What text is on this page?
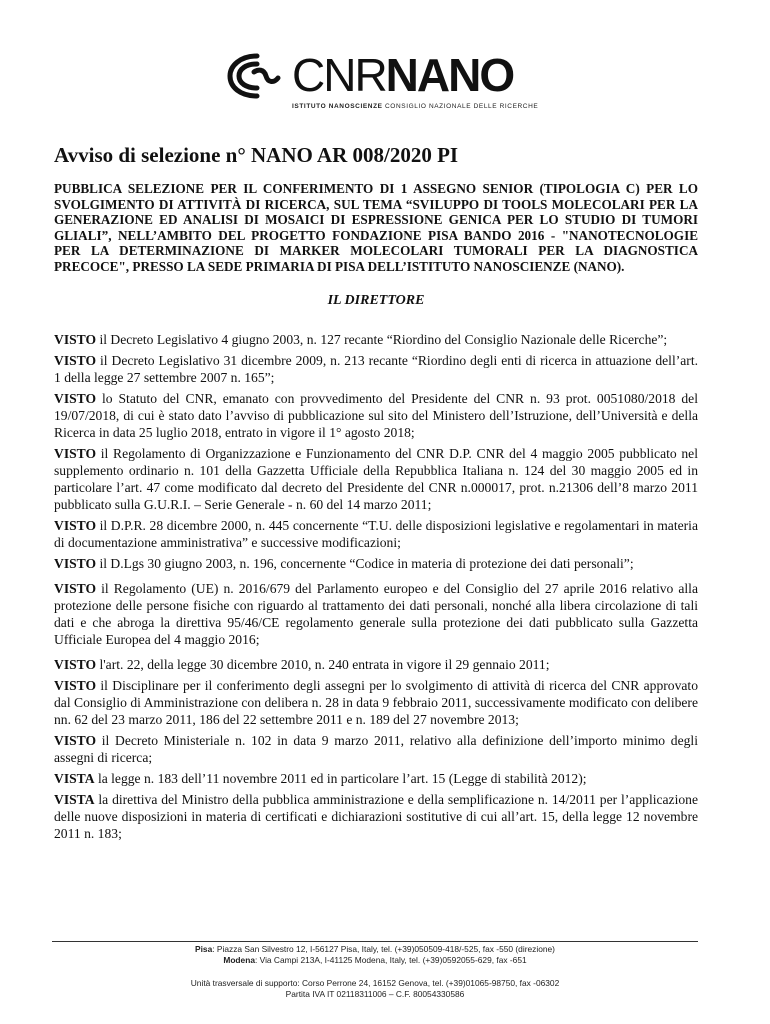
CNRNANO
ISTITUTO NANOSCIENZE CONSIGLIO NAZIONALE DELLE RICERCHE
Avviso di selezione n° NANO AR 008/2020 PI

PUBBLICA SELEZIONE PER IL CONFERIMENTO DI 1 ASSEGNO SENIOR (TIPOLOGIA C) PER LO SVOLGIMENTO DI ATTIVITÀ DI RICERCA, SUL TEMA “SVILUPPO DI TOOLS MOLECOLARI PER LA GENERAZIONE ED ANALISI DI MOSAICI DI ESPRESSIONE GENICA PER LO STUDIO DI TUMORI GLIALI”, NELL’AMBITO DEL PROGETTO FONDAZIONE PISA BANDO 2016 - "NANOTECNOLOGIE PER LA DETERMINAZIONE DI MARKER MOLECOLARI TUMORALI PER LA DIAGNOSTICA PRECOCE", PRESSO LA SEDE PRIMARIA DI PISA DELL’ISTITUTO NANOSCIENZE (NANO).

IL DIRETTORE

VISTO il Decreto Legislativo 4 giugno 2003, n. 127 recante “Riordino del Consiglio Nazionale delle Ricerche”;

VISTO il Decreto Legislativo 31 dicembre 2009, n. 213 recante “Riordino degli enti di ricerca in attuazione dell’art. 1 della legge 27 settembre 2007 n. 165”;

VISTO lo Statuto del CNR, emanato con provvedimento del Presidente del CNR n. 93 prot. 0051080/2018 del 19/07/2018, di cui è stato dato l’avviso di pubblicazione sul sito del Ministero dell’Istruzione, dell’Università e della Ricerca in data 25 luglio 2018, entrato in vigore il 1° agosto 2018;

VISTO il Regolamento di Organizzazione e Funzionamento del CNR D.P. CNR del 4 maggio 2005 pubblicato nel supplemento ordinario n. 101 della Gazzetta Ufficiale della Repubblica Italiana n. 124 del 30 maggio 2005 ed in particolare l’art. 47 come modificato dal decreto del Presidente del CNR n.000017, prot. n.21306 dell’8 marzo 2011 pubblicato sulla G.U.R.I. – Serie Generale - n. 60 del 14 marzo 2011;

VISTO il D.P.R. 28 dicembre 2000, n. 445 concernente “T.U. delle disposizioni legislative e regolamentari in materia di documentazione amministrativa” e successive modificazioni;

VISTO il D.Lgs 30 giugno 2003, n. 196, concernente “Codice in materia di protezione dei dati personali”;

VISTO il Regolamento (UE) n. 2016/679 del Parlamento europeo e del Consiglio del 27 aprile 2016 relativo alla protezione delle persone fisiche con riguardo al trattamento dei dati personali, nonché alla libera circolazione di tali dati e che abroga la direttiva 95/46/CE regolamento generale sulla protezione dei dati pubblicato sulla Gazzetta Ufficiale Europea del 4 maggio 2016;

VISTO l'art. 22, della legge 30 dicembre 2010, n. 240 entrata in vigore il 29 gennaio 2011;

VISTO il Disciplinare per il conferimento degli assegni per lo svolgimento di attività di ricerca del CNR approvato dal Consiglio di Amministrazione con delibera n. 28 in data 9 febbraio 2011, successivamente modificato con delibere nn. 62 del 23 marzo 2011, 186 del 22 settembre 2011 e n. 189 del 27 novembre 2013;

VISTO il Decreto Ministeriale n. 102 in data 9 marzo 2011, relativo alla definizione dell’importo minimo degli assegni di ricerca;

VISTA la legge n. 183 dell’11 novembre 2011 ed in particolare l’art. 15 (Legge di stabilità 2012);

VISTA la direttiva del Ministro della pubblica amministrazione e della semplificazione n. 14/2011 per l’applicazione delle nuove disposizioni in materia di certificati e dichiarazioni sostitutive di cui all’art. 15, della legge 12 novembre 2011 n. 183;

Pisa: Piazza San Silvestro 12, I-56127 Pisa, Italy, tel. (+39)050509-418/-525, fax -550 (direzione)
Modena: Via Campi 213A, I-41125 Modena, Italy, tel. (+39)0592055-629, fax -651
Unità trasversale di supporto: Corso Perrone 24, 16152 Genova, tel. (+39)01065-98750, fax -06302
Partita IVA IT 02118311006 – C.F. 80054330586
